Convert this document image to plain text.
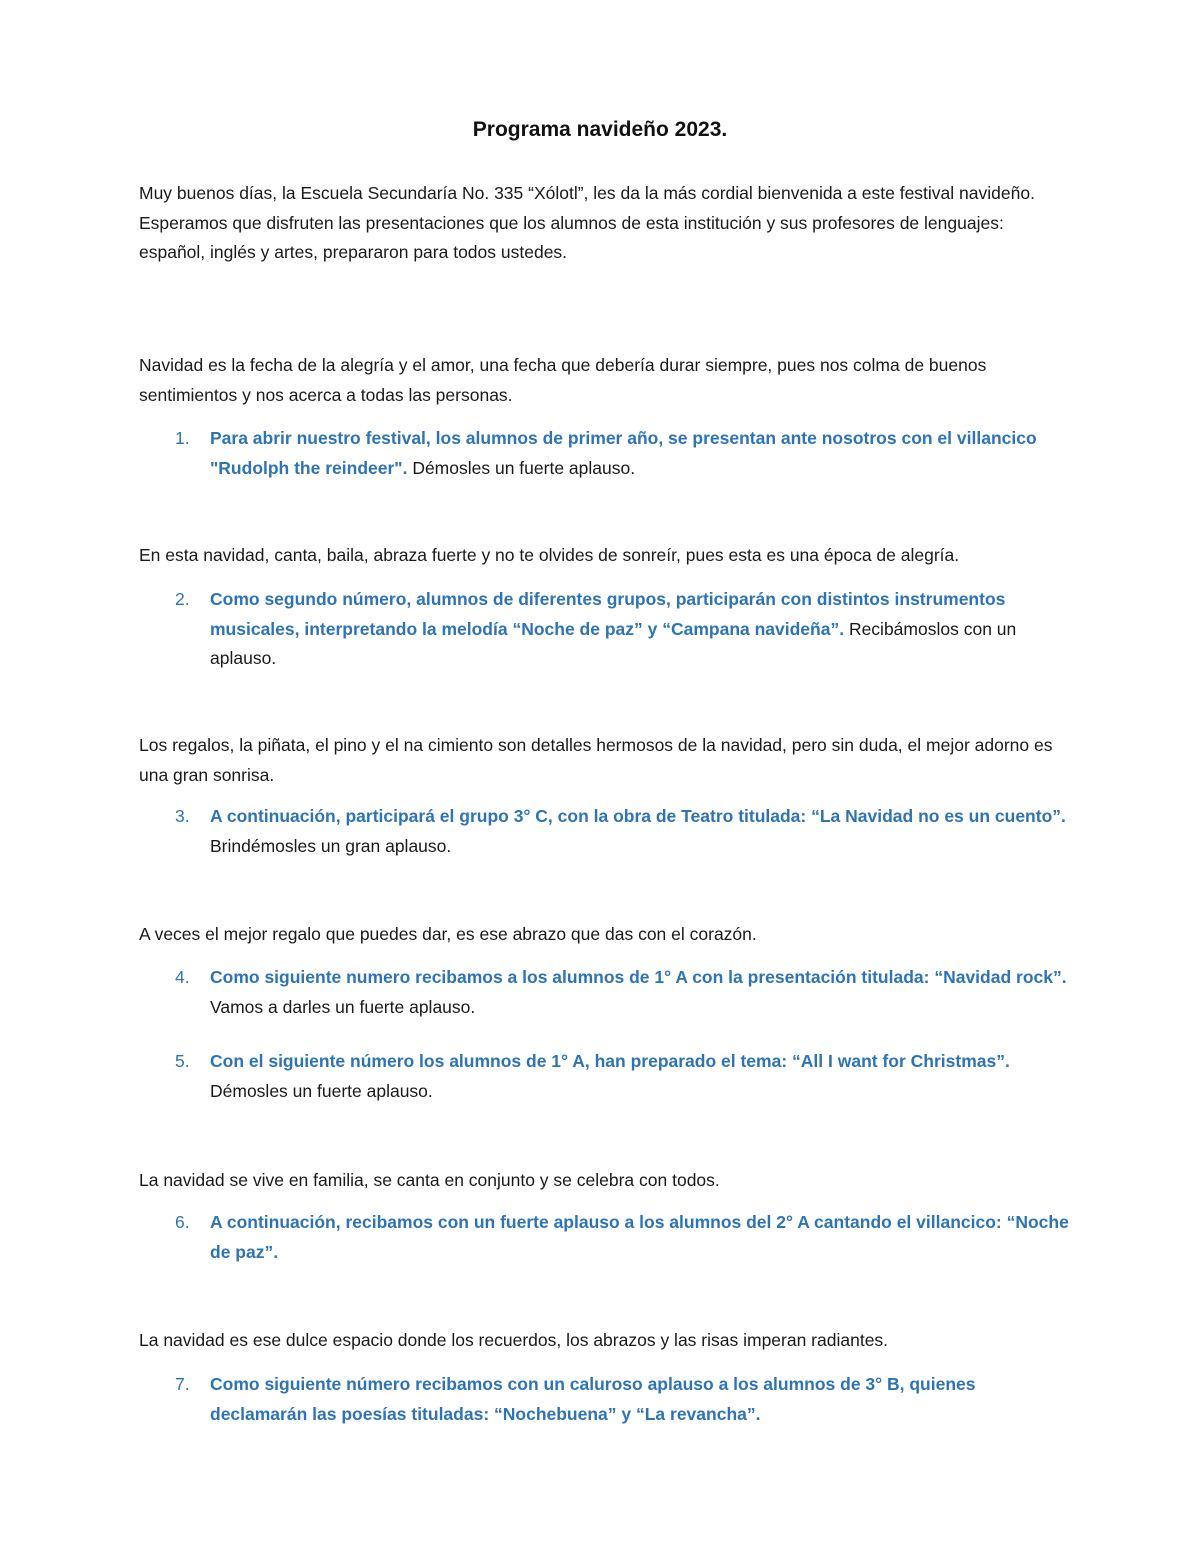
Programa navideño 2023.

Muy buenos días, la Escuela Secundaría No. 335 “Xólotl”, les da la más cordial bienvenida a este festival navideño. Esperamos que disfruten las presentaciones que los alumnos de esta institución y sus profesores de lenguajes: español, inglés y artes, prepararon para todos ustedes.

Navidad es la fecha de la alegría y el amor, una fecha que debería durar siempre, pues nos colma de buenos sentimientos y nos acerca a todas las personas.

1.	Para abrir nuestro festival, los alumnos de primer año, se presentan ante nosotros con el villancico "Rudolph the reindeer". Démosles un fuerte aplauso.

En esta navidad, canta, baila, abraza fuerte y no te olvides de sonreír, pues esta es una época de alegría.

2.	Como segundo número, alumnos de diferentes grupos, participarán con distintos instrumentos musicales, interpretando la melodía “Noche de paz” y “Campana navideña”. Recibámoslos con un aplauso.

Los regalos, la piñata, el pino y el na cimiento son detalles hermosos de la navidad, pero sin duda, el mejor adorno es una gran sonrisa.

3.	A continuación, participará el grupo 3° C, con la obra de Teatro titulada: “La Navidad no es un cuento”. Brindémosles un gran aplauso.

A veces el mejor regalo que puedes dar, es ese abrazo que das con el corazón.

4.	Como siguiente numero recibamos a los alumnos de 1° A con la presentación titulada: “Navidad rock”. Vamos a darles un fuerte aplauso.
5.	Con el siguiente número los alumnos de 1° A, han preparado el tema: “All I want for Christmas”. Démosles un fuerte aplauso.

La navidad se vive en familia, se canta en conjunto y se celebra con todos.

6.	A continuación, recibamos con un fuerte aplauso a los alumnos del 2° A cantando el villancico: “Noche de paz”.

La navidad es ese dulce espacio donde los recuerdos, los abrazos y las risas imperan radiantes.

7.	Como siguiente número recibamos con un caluroso aplauso a los alumnos de 3° B, quienes declamarán las poesías tituladas: “Nochebuena” y “La revancha”.
